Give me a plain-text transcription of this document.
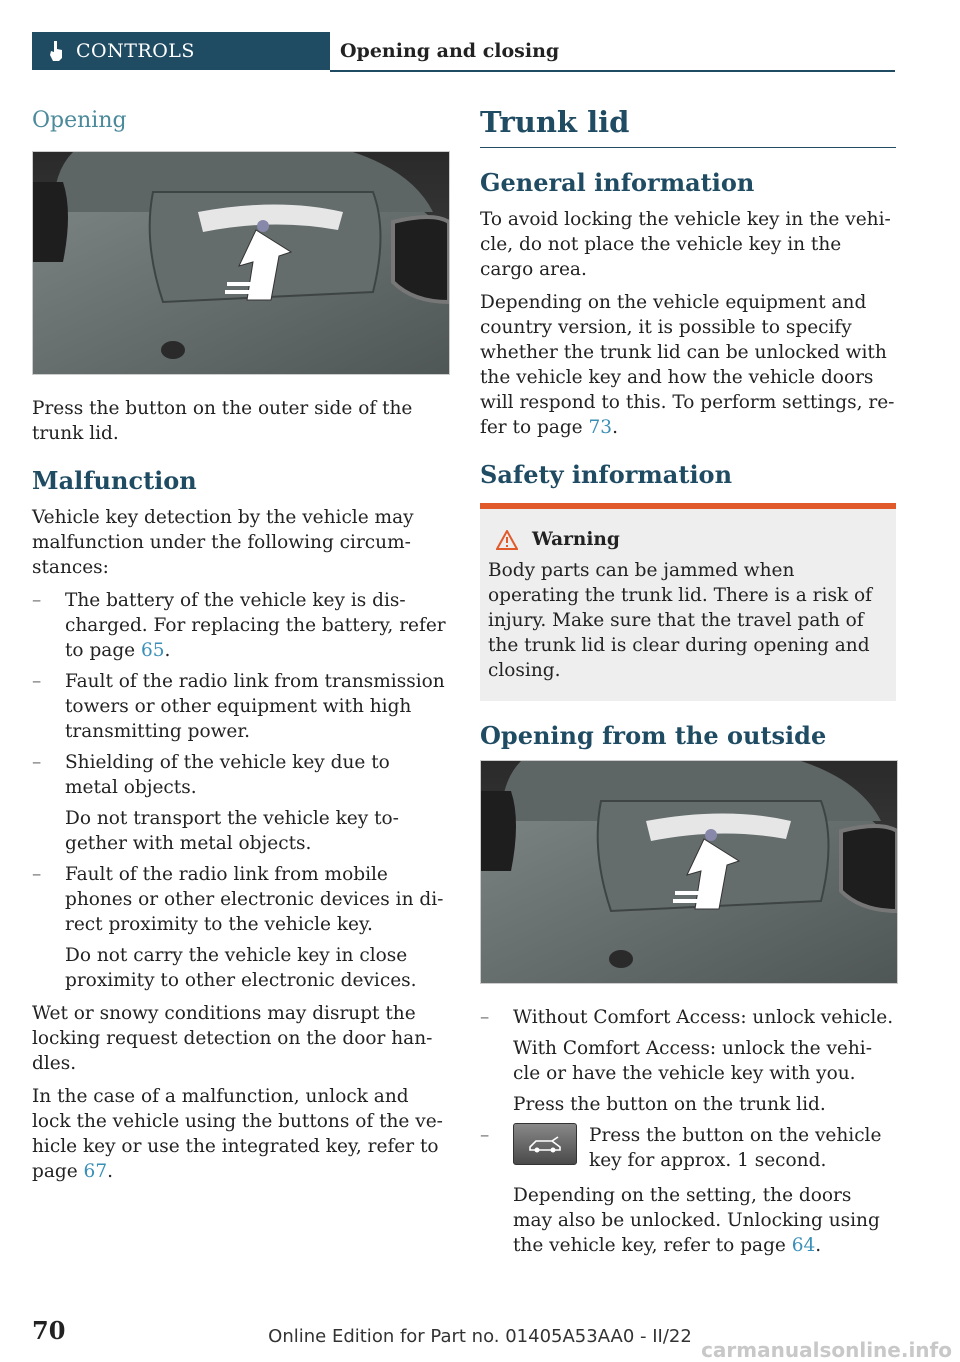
CONTROLS	Opening and closing
Opening

Press the button on the outer side of the trunk lid.

Malfunction

Vehicle key detection by the vehicle may malfunction under the following circum-stances:

– The battery of the vehicle key is dis-charged. For replacing the battery, refer to page 65.

– Fault of the radio link from transmission towers or other equipment with high transmitting power.

– Shielding of the vehicle key due to metal objects.

Do not transport the vehicle key to-gether with metal objects.

– Fault of the radio link from mobile phones or other electronic devices in di-rect proximity to the vehicle key.

Do not carry the vehicle key in close proximity to other electronic devices.

Wet or snowy conditions may disrupt the locking request detection on the door han-dles.

In the case of a malfunction, unlock and lock the vehicle using the buttons of the ve-hicle key or use the integrated key, refer to page 67.

Trunk lid
General information

To avoid locking the vehicle key in the vehi-cle, do not place the vehicle key in the cargo area.

Depending on the vehicle equipment and country version, it is possible to specify whether the trunk lid can be unlocked with the vehicle key and how the vehicle doors will respond to this. To perform settings, re-fer to page 73.

Safety information
Warning

Body parts can be jammed when operating the trunk lid. There is a risk of injury. Make sure that the travel path of the trunk lid is clear during opening and closing.

Opening from the outside

– Without Comfort Access: unlock vehicle.

With Comfort Access: unlock the vehi-cle or have the vehicle key with you.

Press the button on the trunk lid.

– Press the button on the vehicle key for approx. 1 second.

Depending on the setting, the doors may also be unlocked. Unlocking using the vehicle key, refer to page 64.

70	Online Edition for Part no. 01405A53AA0 - II/22
carmanualsonline.info
